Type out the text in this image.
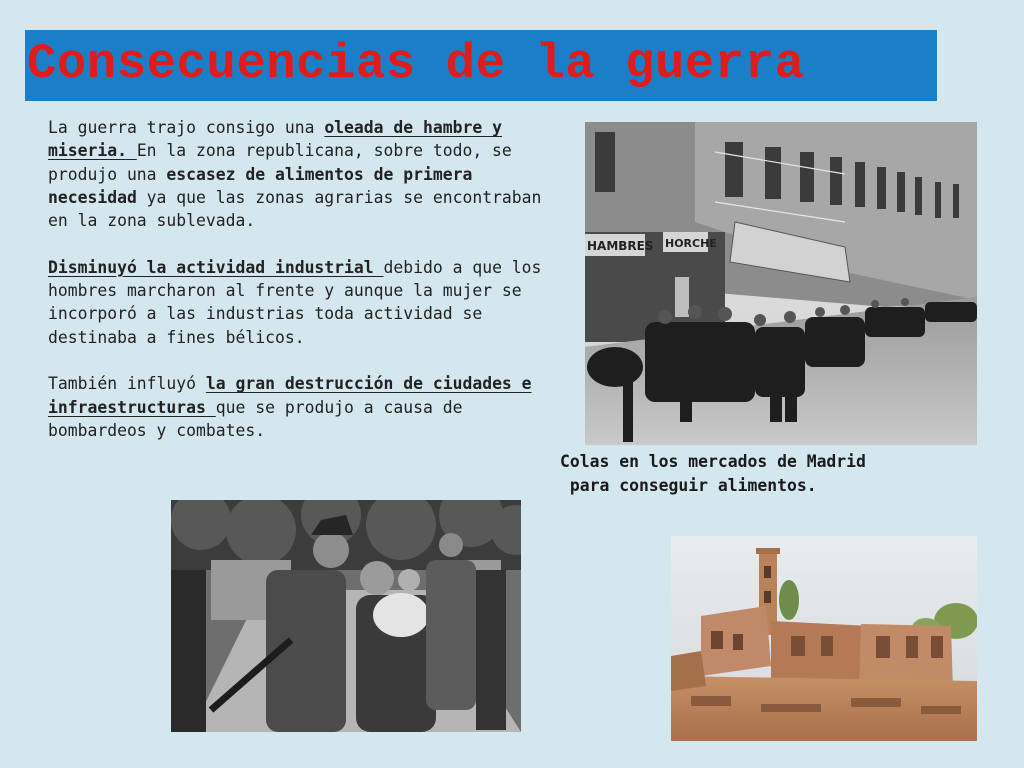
Consecuencias de la guerra

La guerra trajo consigo una oleada de hambre y miseria. En la zona republicana, sobre todo, se produjo una escasez de alimentos de primera necesidad ya que las zonas agrarias se encontraban en la zona sublevada.

Disminuyó la actividad industrial debido a que los hombres marcharon al frente y aunque la mujer se incorporó a las industrias toda actividad se destinaba a fines bélicos.

También influyó la gran destrucción de ciudades e infraestructuras que se produjo a causa de bombardeos y combates.

HAMBRES HORCHE
Colas en los mercados de Madrid
para conseguir alimentos.
